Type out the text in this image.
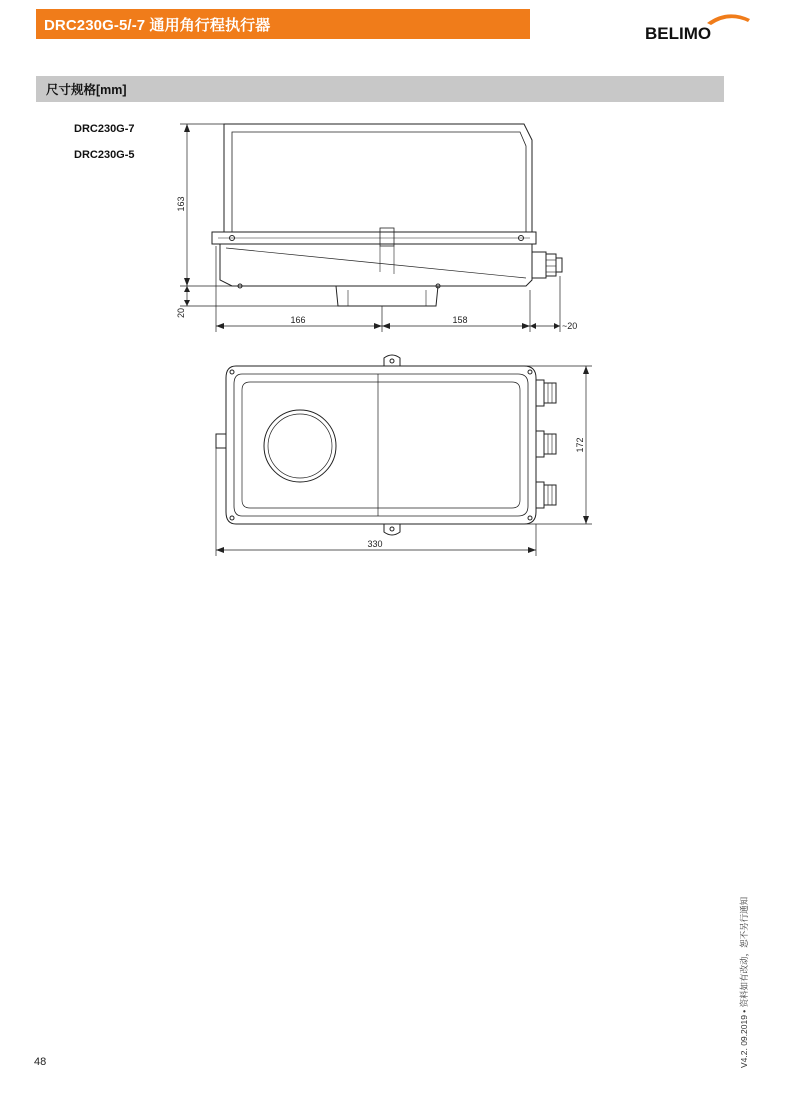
DRC230G-5/-7 通用角行程执行器	BELIMO
尺寸规格[mm]
DRC230G-7
DRC230G-5
163
20
166	158
~20
172
330
48	V4.2. 09.2019 • 资料如有改动，恕不另行通知
